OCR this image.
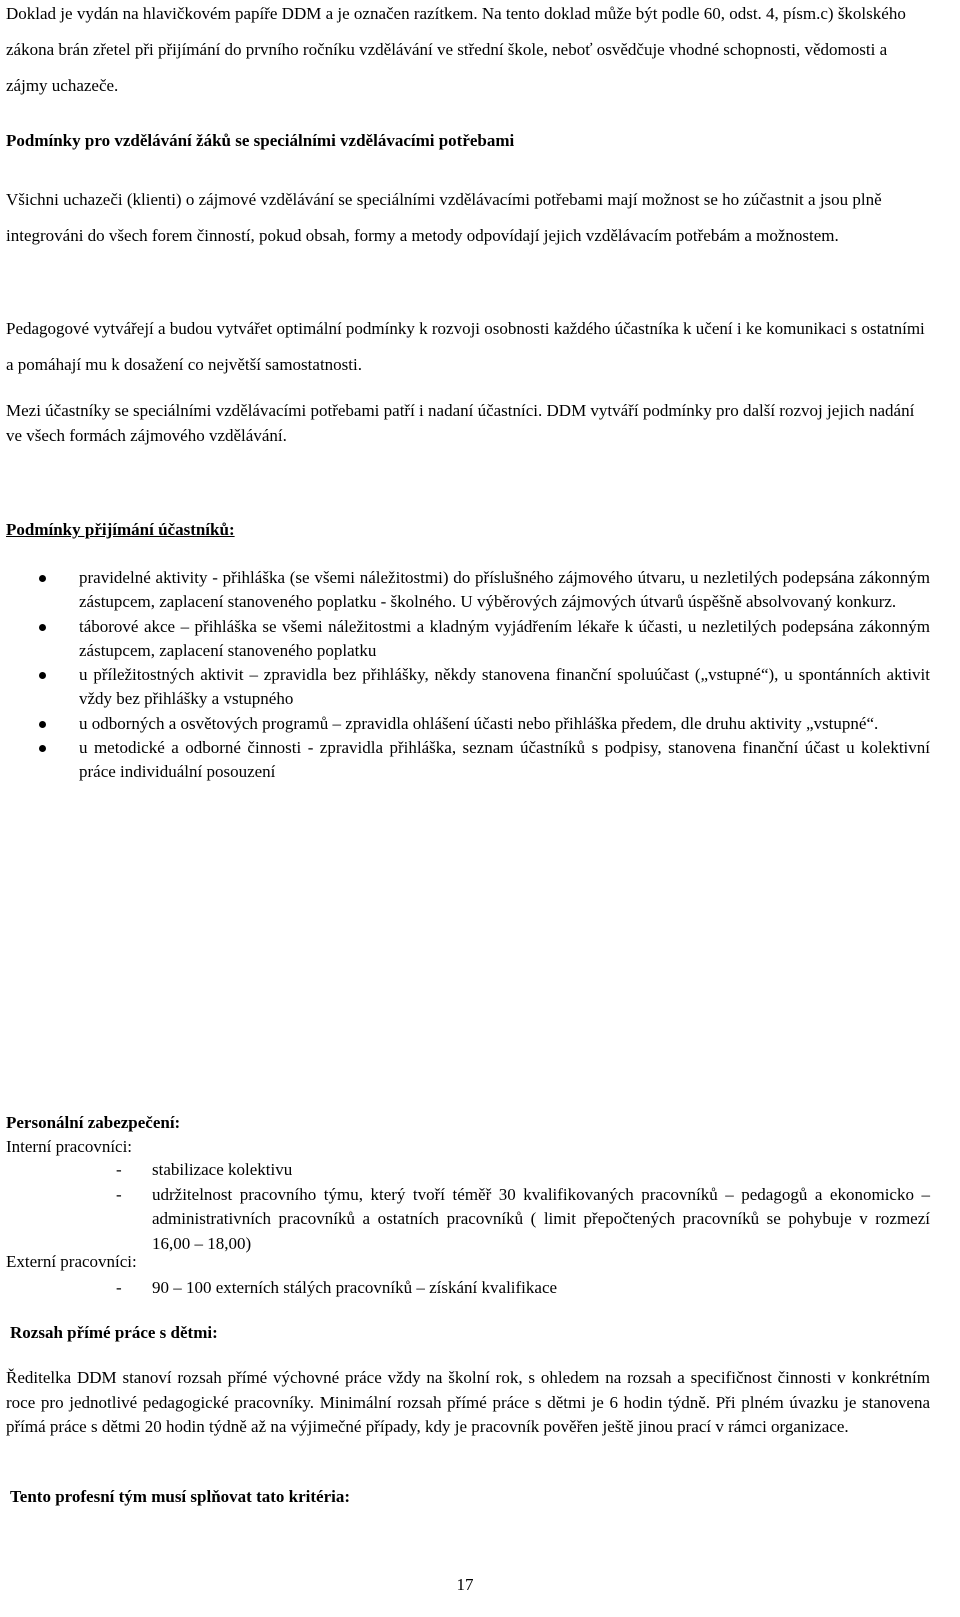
Doklad je vydán na hlavičkovém papíře DDM a je označen razítkem. Na tento doklad může být podle 60, odst. 4, písm.c) školského zákona brán zřetel při přijímání do prvního ročníku vzdělávání ve střední škole, neboť osvědčuje vhodné schopnosti, vědomosti a zájmy uchazeče.
Podmínky pro vzdělávání žáků se speciálními vzdělávacími potřebami
Všichni uchazeči (klienti) o zájmové vzdělávání se speciálními vzdělávacími potřebami mají možnost se ho zúčastnit a jsou plně integrováni do všech forem činností, pokud obsah, formy a metody odpovídají jejich vzdělávacím potřebám a možnostem.
Pedagogové vytvářejí a budou vytvářet optimální podmínky k rozvoji osobnosti každého účastníka k učení i ke komunikaci s ostatními a pomáhají mu k dosažení co největší samostatnosti.
Mezi účastníky se speciálními vzdělávacími potřebami patří i nadaní účastníci. DDM vytváří podmínky pro další rozvoj jejich nadání ve všech formách zájmového vzdělávání.
Podmínky přijímání účastníků:
pravidelné aktivity - přihláška (se všemi náležitostmi) do příslušného zájmového útvaru, u nezletilých podepsána zákonným zástupcem, zaplacení stanoveného poplatku - školného. U výběrových zájmových útvarů úspěšně absolvovaný konkurz.
táborové akce – přihláška se všemi náležitostmi a kladným vyjádřením lékaře k účasti, u nezletilých podepsána zákonným zástupcem, zaplacení stanoveného poplatku
u příležitostných aktivit – zpravidla bez přihlášky, někdy stanovena finanční spoluúčast („vstupné“), u spontánních aktivit vždy bez přihlášky a vstupného
u odborných a osvětových programů – zpravidla ohlášení účasti nebo přihláška předem, dle druhu aktivity „vstupné“.
u metodické a odborné činnosti - zpravidla přihláška, seznam účastníků s podpisy, stanovena finanční účast u kolektivní práce individuální posouzení
Personální zabezpečení:
Interní pracovníci:
- stabilizace kolektivu
- udržitelnost pracovního týmu, který tvoří téměř 30 kvalifikovaných pracovníků – pedagogů a ekonomicko – administrativních pracovníků a ostatních pracovníků ( limit přepočtených pracovníků se pohybuje v rozmezí 16,00 – 18,00)
Externí pracovníci:
- 90 – 100 externích stálých pracovníků – získání kvalifikace
Rozsah přímé práce s dětmi:
Ředitelka DDM stanoví rozsah přímé výchovné práce vždy na školní rok, s ohledem na rozsah a specifičnost činnosti v konkrétním roce pro jednotlivé pedagogické pracovníky. Minimální rozsah přímé práce s dětmi je 6 hodin týdně. Při plném úvazku je stanovena přímá práce s dětmi 20 hodin týdně až na výjimečné případy, kdy je pracovník pověřen ještě jinou prací v rámci organizace.
Tento profesní tým musí splňovat tato kritéria:
17
